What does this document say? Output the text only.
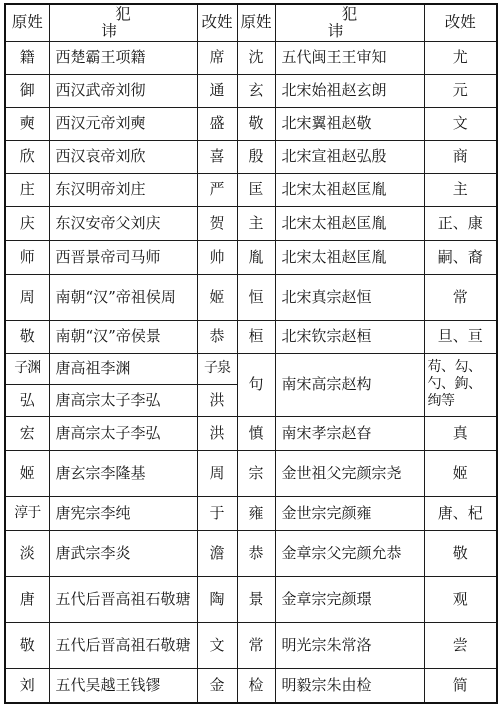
原姓	犯 讳	改姓	原姓	犯 讳	改姓
籍	西楚霸王项籍	席	沈	五代闽王王审知	尤
御	西汉武帝刘彻	通	玄	北宋始祖赵玄朗	元
奭	西汉元帝刘奭	盛	敬	北宋翼祖赵敬	文
欣	西汉哀帝刘欣	喜	殷	北宋宣祖赵弘殷	商
庄	东汉明帝刘庄	严	匡	北宋太祖赵匡胤	主
庆	东汉安帝父刘庆	贺	主	北宋太祖赵匡胤	正、康
师	西晋景帝司马师	帅	胤	北宋太祖赵匡胤	嗣、裔
周	南朝“汉”帝祖侯周	姬	恒	北宋真宗赵恒	常
敬	南朝“汉”帝侯景	恭	桓	北宋钦宗赵桓	旦、亘
子渊	唐高祖李渊	子泉	句	南宋高宗赵构	苟、勾、勺、鉤、绚等
弘	唐高宗太子李弘	洪			
宏	唐高宗太子李弘	洪	慎	南宋孝宗赵昚	真
姬	唐玄宗李隆基	周	宗	金世祖父完颜宗尧	姬
淳于	唐宪宗李纯	于	雍	金世宗完颜雍	唐、杞
淡	唐武宗李炎	澹	恭	金章宗父完颜允恭	敬
唐	五代后晋高祖石敬瑭	陶	景	金章宗完颜璟	观
敬	五代后晋高祖石敬瑭	文	常	明光宗朱常洛	尝
刘	五代吴越王钱镠	金	检	明毅宗朱由检	简
